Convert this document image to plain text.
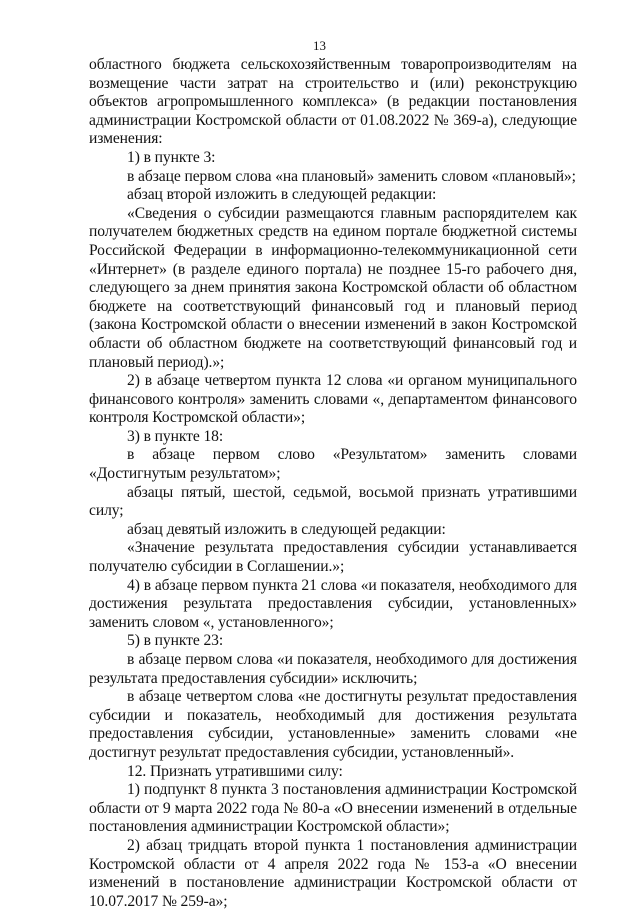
13

областного бюджета сельскохозяйственным товаропроизводителям на возмещение части затрат на строительство и (или) реконструкцию объектов агропромышленного комплекса» (в редакции постановления администрации Костромской области от 01.08.2022 № 369-а), следующие изменения:

1) в пункте 3:

в абзаце первом слова «на плановый» заменить словом «плановый»;

абзац второй изложить в следующей редакции:

«Сведения о субсидии размещаются главным распорядителем как получателем бюджетных средств на едином портале бюджетной системы Российской Федерации в информационно-телекоммуникационной сети «Интернет» (в разделе единого портала) не позднее 15-го рабочего дня, следующего за днем принятия закона Костромской области об областном бюджете на соответствующий финансовый год и плановый период (закона Костромской области о внесении изменений в закон Костромской области об областном бюджете на соответствующий финансовый год и плановый период).»;

2) в абзаце четвертом пункта 12 слова «и органом муниципального финансового контроля» заменить словами «, департаментом финансового контроля Костромской области»;

3) в пункте 18:

в абзаце первом слово «Результатом» заменить словами «Достигнутым результатом»;

абзацы пятый, шестой, седьмой, восьмой признать утратившими силу;

абзац девятый изложить в следующей редакции:

«Значение результата предоставления субсидии устанавливается получателю субсидии в Соглашении.»;

4) в абзаце первом пункта 21 слова «и показателя, необходимого для достижения результата предоставления субсидии, установленных» заменить словом «, установленного»;

5) в пункте 23:

в абзаце первом слова «и показателя, необходимого для достижения результата предоставления субсидии» исключить;

в абзаце четвертом слова «не достигнуты результат предоставления субсидии и показатель, необходимый для достижения результата предоставления субсидии, установленные» заменить словами «не достигнут результат предоставления субсидии, установленный».

12. Признать утратившими силу:

1) подпункт 8 пункта 3 постановления администрации Костромской области от 9 марта 2022 года № 80-а «О внесении изменений в отдельные постановления администрации Костромской области»;

2) абзац тридцать второй пункта 1 постановления администрации Костромской области от 4 апреля 2022 года № 153-а «О внесении изменений в постановление администрации Костромской области от 10.07.2017 № 259-а»;
